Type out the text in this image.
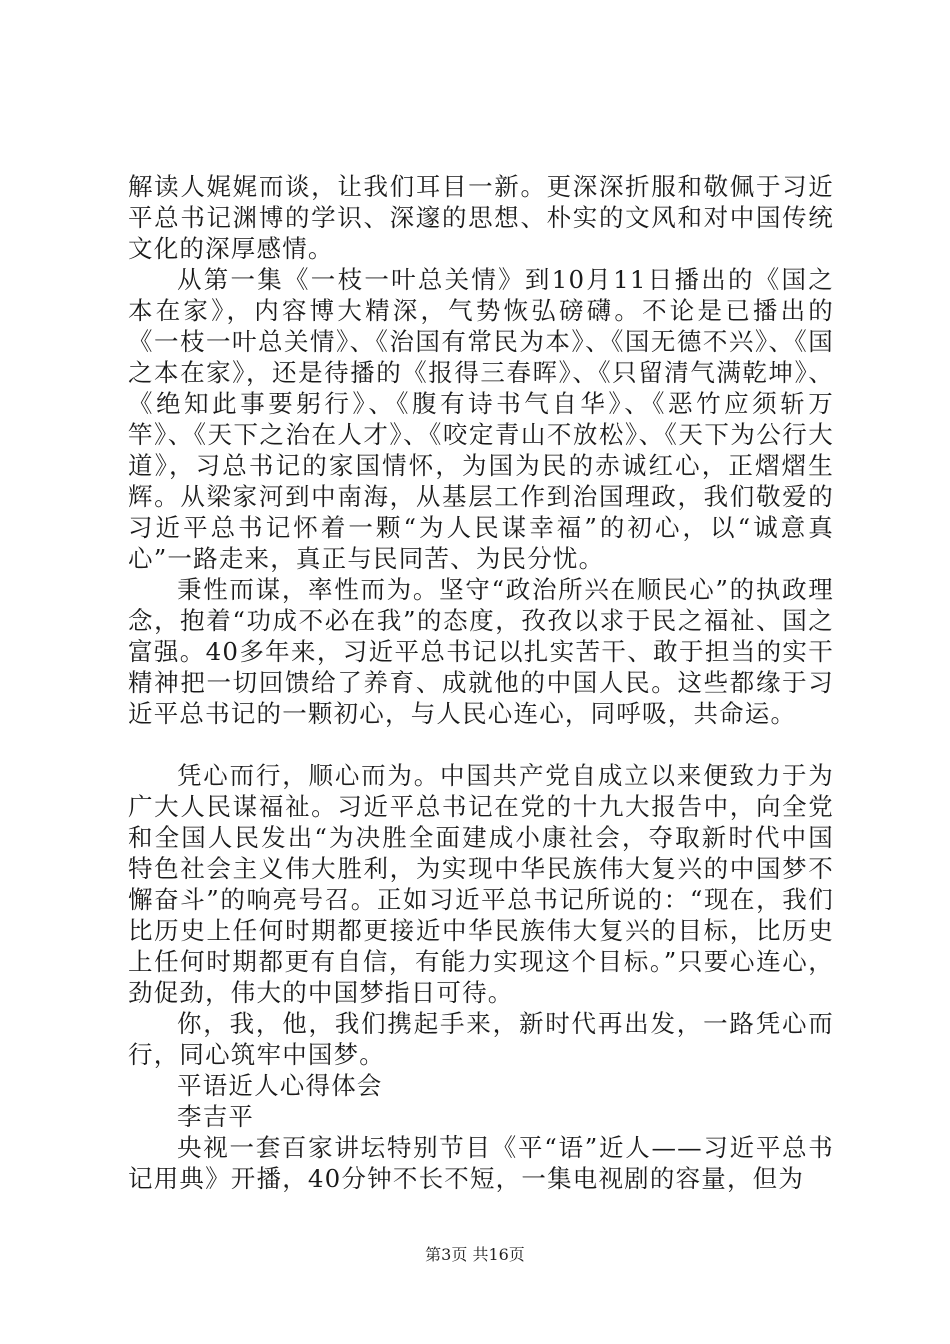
解读人娓娓而谈，让我们耳目一新。更深深折服和敬佩于习近平总书记渊博的学识、深邃的思想、朴实的文风和对中国传统文化的深厚感情。

从第一集《一枝一叶总关情》到10月11日播出的《国之本在家》，内容博大精深，气势恢弘磅礴。不论是已播出的《一枝一叶总关情》、《治国有常民为本》、《国无德不兴》、《国之本在家》，还是待播的《报得三春晖》、《只留清气满乾坤》、《绝知此事要躬行》、《腹有诗书气自华》、《恶竹应须斩万竿》、《天下之治在人才》、《咬定青山不放松》、《天下为公行大道》，习总书记的家国情怀，为国为民的赤诚红心，正熠熠生辉。从梁家河到中南海，从基层工作到治国理政，我们敬爱的习近平总书记怀着一颗“为人民谋幸福”的初心，以“诚意真心”一路走来，真正与民同苦、为民分忧。

秉性而谋，率性而为。坚守“政治所兴在顺民心”的执政理念，抱着“功成不必在我”的态度，孜孜以求于民之福祉、国之富强。40多年来，习近平总书记以扎实苦干、敢于担当的实干精神把一切回馈给了养育、成就他的中国人民。这些都缘于习近平总书记的一颗初心，与人民心连心，同呼吸，共命运。

凭心而行，顺心而为。中国共产党自成立以来便致力于为广大人民谋福祉。习近平总书记在党的十九大报告中，向全党和全国人民发出“为决胜全面建成小康社会，夺取新时代中国特色社会主义伟大胜利，为实现中华民族伟大复兴的中国梦不懈奋斗”的响亮号召。正如习近平总书记所说的：“现在，我们比历史上任何时期都更接近中华民族伟大复兴的目标，比历史上任何时期都更有自信，有能力实现这个目标。”只要心连心，劲促劲，伟大的中国梦指日可待。

你，我，他，我们携起手来，新时代再出发，一路凭心而行，同心筑牢中国梦。

平语近人心得体会

李吉平

央视一套百家讲坛特别节目《平“语”近人——习近平总书记用典》开播，40分钟不长不短，一集电视剧的容量，但为

第3页 共16页
